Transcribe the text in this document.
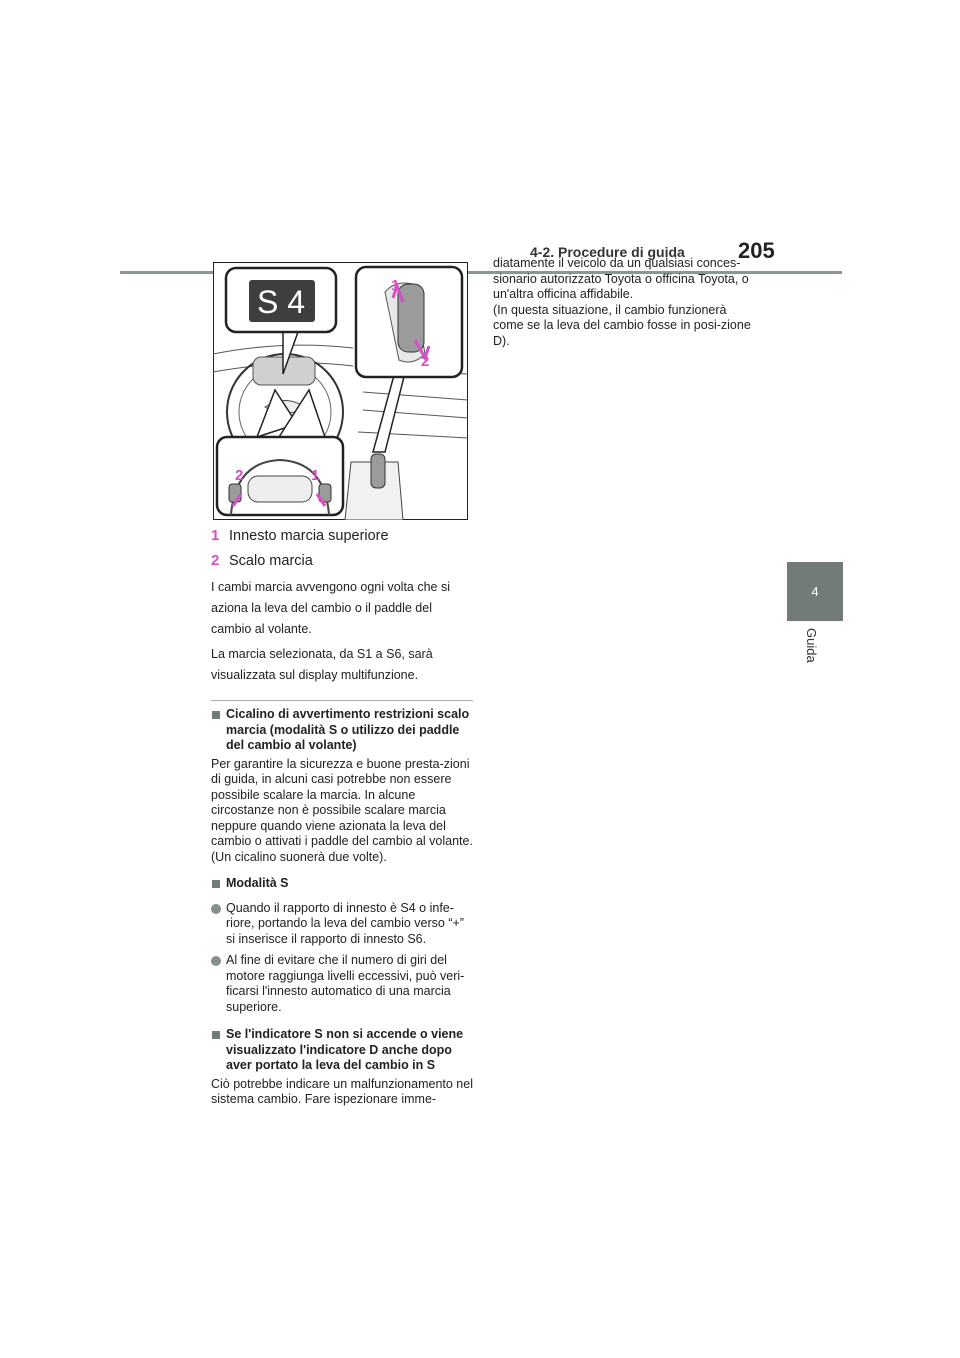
4-2. Procedure di guida	205
4
Guida
S 4	1
2
2	1
1 Innesto marcia superiore
2 Scalo marcia

I cambi marcia avvengono ogni volta che si aziona la leva del cambio o il paddle del cambio al volante.

La marcia selezionata, da S1 a S6, sarà visualizzata sul display multifunzione.

Cicalino di avvertimento restrizioni scalo marcia (modalità S o utilizzo dei paddle del cambio al volante)

Per garantire la sicurezza e buone presta-zioni di guida, in alcuni casi potrebbe non essere possibile scalare la marcia. In alcune circostanze non è possibile scalare marcia neppure quando viene azionata la leva del cambio o attivati i paddle del cambio al volante. (Un cicalino suonerà due volte).

Modalità S
Quando il rapporto di innesto è S4 o infe-riore, portando la leva del cambio verso “+” si inserisce il rapporto di innesto S6.
Al fine di evitare che il numero di giri del motore raggiunga livelli eccessivi, può veri-ficarsi l'innesto automatico di una marcia superiore.
Se l'indicatore S non si accende o viene visualizzato l'indicatore D anche dopo aver portato la leva del cambio in S

Ciò potrebbe indicare un malfunzionamento nel sistema cambio. Fare ispezionare imme-

diatamente il veicolo da un qualsiasi conces-sionario autorizzato Toyota o officina Toyota, o un'altra officina affidabile.
(In questa situazione, il cambio funzionerà come se la leva del cambio fosse in posi-zione D).
